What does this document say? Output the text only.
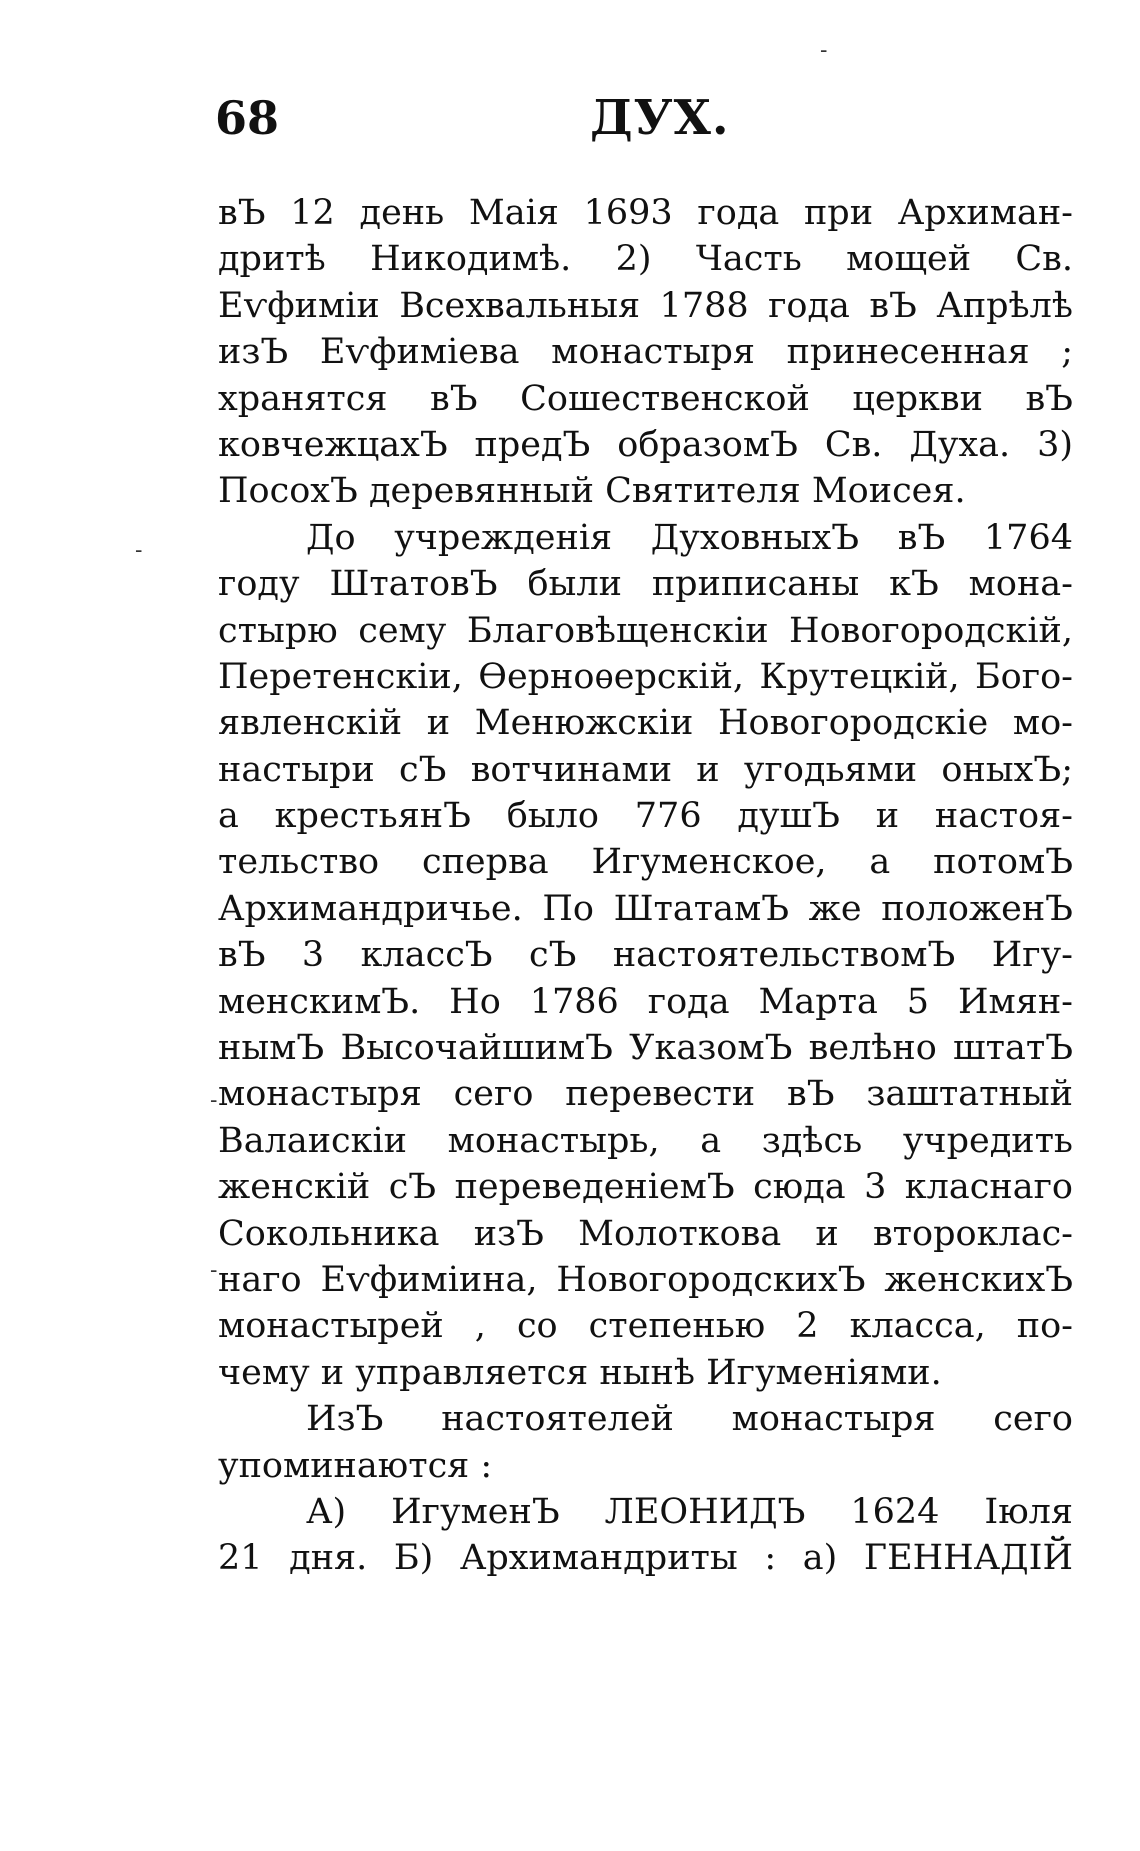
68	ДУХ.
-
-
-
-
вЪ 12 день Маія 1693 года при Архиман-
дритѣ Никодимѣ. 2) Часть мощей Св.
Еѵфиміи Всехвальныя 1788 года вЪ Апрѣлѣ
изЪ Еѵфиміева монастыря принесенная ;
хранятся вЪ Сошественской церкви вЪ
ковчежцахЪ предЪ образомЪ Св. Духа. 3)
ПосохЪ деревянный Святителя Моисея.
До учрежденія ДуховныхЪ вЪ 1764
году ШтатовЪ были приписаны кЪ мона-
стырю сему Благовѣщенскіи Новогородскій,
Перетенскіи, Ѳерноѳерскій, Крутецкій, Бого-
явленскій и Менюжскіи Новогородскіе мо-
настыри сЪ вотчинами и угодьями оныхЪ;
а крестьянЪ было 776 душЪ и настоя-
тельство сперва Игуменское, а потомЪ
Архимандричье. По ШтатамЪ же положенЪ
вЪ 3 классЪ сЪ настоятельствомЪ Игу-
менскимЪ. Но 1786 года Марта 5 Имян-
нымЪ ВысочайшимЪ УказомЪ велѣно штатЪ
монастыря сего перевести вЪ заштатный
Валаискіи монастырь, а здѣсь учредить
женскій сЪ переведеніемЪ сюда 3 класнаго
Сокольника изЪ Молоткова и второклас-
наго Еѵфиміина, НовогородскихЪ женскихЪ
монастырей , со степенью 2 класса, по-
чему и управляется нынѣ Игуменіями.
ИзЪ настоятелей монастыря сего
упоминаются :
А) ИгуменЪ ЛЕОНИДЪ 1624 Іюля
21 дня. Б) Архимандриты : а) ГЕННАДІЙ
